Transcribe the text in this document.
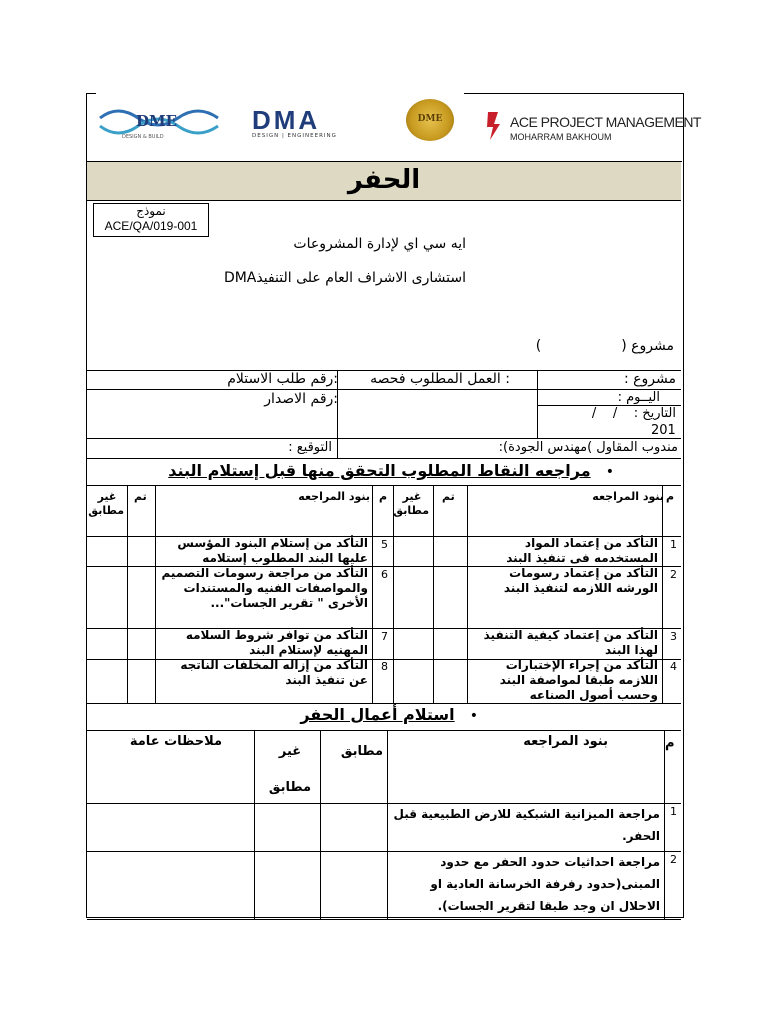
DME
DESIGN & BUILD
DMA
DESIGN | ENGINEERING
DME	ACE PROJECT MANAGEMENT
MOHARRAM BAKHOUM
الحفر
نموذج
ACE/QA/019-001
ايه سي اي لإدارة المشروعات
استشارى الاشراف العام على التنفيذDMA
مشروع (                  )
مشروع :
: العمل المطلوب فحصه
:رقم طلب الاستلام
اليــوم :
التاريخ :    /    /
201
:رقم الاصدار
مندوب المقاول )مهندس الجودة):
التوقيع :
• مراجعه النقاط المطلوب التحقق منها قبل إستلام البند
م
بنود المراجعه
تم
غير مطابق
م
بنود المراجعه
تم
غير مطابق
1
التأكد من إعتماد المواد المستخدمه فى تنفيذ البند
2
التأكد من إعتماد رسومات الورشه اللازمه لتنفيذ البند
3
التأكد من إعتماد كيفية التنفيذ لهذا البند
4
التأكد من إجراء الإختبارات اللازمه طبقا لمواصفة البند وحسب أصول الصناعه
5
التأكد من إستلام البنود المؤسس عليها البند المطلوب إستلامه
6
التأكد من مراجعة رسومات التصميم والمواصفات الفنيه والمستندات الأخرى " تقرير الجسات"...
7
التأكد من توافر شروط السلامه المهنيه لإستلام البند
8
التأكد من إزاله المخلفات الناتجه عن تنفيذ البند
• استلام أعمال الحفر
م
بنود المراجعه
مطابق
غير مطابق
ملاحظات عامة
1
مراجعة الميزانية الشبكية للارض الطبيعية قبل الحفر.
2
مراجعة احداثيات حدود الحفر مع حدود المبنى(حدود رفرفة الخرسانة العادية او الاحلال ان وجد طبقا لتقرير الجسات).
